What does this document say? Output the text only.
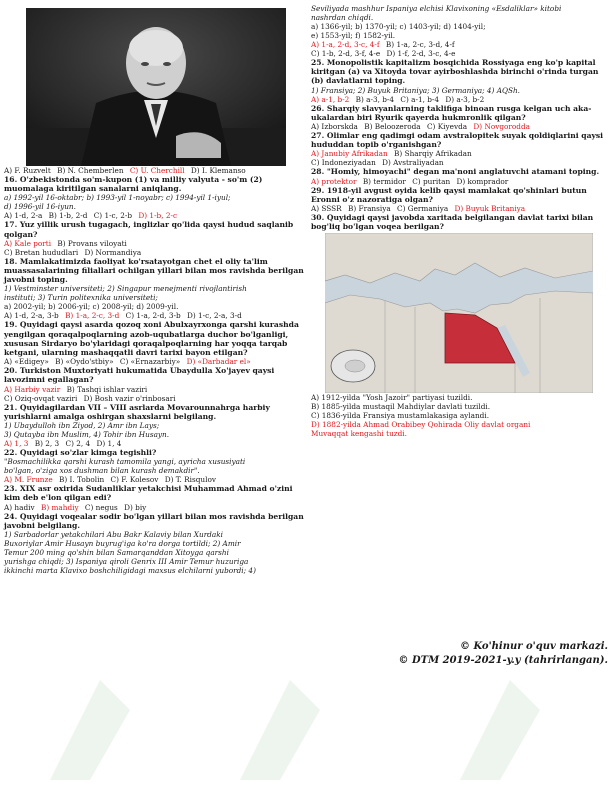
A) F. Ruzvelt B) N. Chemberlen C) U. Cherchill D) I. Klemanso

16. O'zbekistonda so'm-kupon (1) va milliy valyuta - so'm (2) muomalaga kiritilgan sanalarni aniqlang.

a) 1992-yil 16-oktabr; b) 1993-yil 1-noyabr; c) 1994-yil 1-iyul;

d) 1996-yil 16-iyun.

A) 1-d, 2-a B) 1-b, 2-d C) 1-c, 2-b D) 1-b, 2-c

17. Yuz yillik urush tugagach, inglizlar qo'lida qaysi hudud saqlanib qolgan?

A) Kale porti B) Provans viloyati

C) Bretan hududlari D) Normandiya

18. Mamlakatimizda faoliyat ko'rsatayotgan chet el oliy ta'lim muassasalarining filiallari ochilgan yillari bilan mos ravishda berilgan javobni toping.

1) Vestminster universiteti; 2) Singapur menejmenti rivojlantirish

instituti; 3) Turin politexnika universiteti;

a) 2002-yil; b) 2006-yil; c) 2008-yil; d) 2009-yil.

A) 1-d, 2-a, 3-b B) 1-a, 2-c, 3-d C) 1-a, 2-d, 3-b D) 1-c, 2-a, 3-d

19. Quyidagi qaysi asarda qozoq xoni Abulxayrxonga qarshi kurashda yengilgan qoraqalpoqlarning azob-uqubatlarga duchor bo'lganligi, xususan Sirdaryo bo'ylaridagi qoraqalpoqlarning har yoqqa tarqab ketgani, ularning mashaqqatli davri tarixi bayon etilgan?

A) «Edigey» B) «Oydo'stbiy» C) «Ernazarbiy» D) «Darbadar el»

20. Turkiston Muxtoriyati hukumatida Ubaydulla Xo'jayev qaysi lavozimni egallagan?

A) Harbiy vazir B) Tashqi ishlar vaziri

C) Oziq-ovqat vaziri D) Bosh vazir o'rinbosari

21. Quyidagilardan VII – VIII asrlarda Movarounnahrga harbiy yurishlarni amalga oshirgan shaxslarni belgilang.

1) Ubaydulloh ibn Ziyod, 2) Amr ibn Lays;

3) Qutayba ibn Muslim, 4) Tohir ibn Husayn.

A) 1, 3 B) 2, 3 C) 2, 4 D) 1, 4

22. Quyidagi so'zlar kimga tegishli?

"Bosmachilikka qarshi kurash tamomila yangi, ayricha xususiyati

bo'lgan, o'ziga xos dushman bilan kurash demakdir".

A) M. Frunze B) I. Tobolin C) F. Kolesov D) T. Risqulov

23. XIX asr oxirida Sudanliklar yetakchisi Muhammad Ahmad o'zini kim deb e'lon qilgan edi?

A) hadiv B) mahdiy C) negus D) biy

24. Quyidagi voqealar sodir bo'lgan yillari bilan mos ravishda berilgan javobni belgilang.

1) Sarbadorlar yetakchilari Abu Bakr Kalaviy bilan Xurdaki

Buxoriylar Amir Husayn buyrug'iga ko'ra dorga tortildi; 2) Amir

Temur 200 ming qo'shin bilan Samarqanddan Xitoyga qarshi

yurishga chiqdi; 3) Ispaniya qiroli Genrix III Amir Temur huzuriga

ikkinchi marta Klavixo boshchiligidagi maxsus elchilarni yubordi; 4)

Seviliyada mashhur Ispaniya elchisi Klavixoning «Esdaliklar» kitobi

nashrdan chiqdi.

a) 1366-yil; b) 1370-yil; c) 1403-yil; d) 1404-yil;

e) 1553-yil; f) 1582-yil.

A) 1-a, 2-d, 3-c, 4-f B) 1-a, 2-c, 3-d, 4-f

C) 1-b, 2-d, 3-f, 4-e D) 1-f, 2-d, 3-c, 4-e

25. Monopolistik kapitalizm bosqichida Rossiyaga eng ko'p kapital kiritgan (a) va Xitoyda tovar ayirboshlashda birinchi o'rinda turgan (b) davlatlarni toping.

1) Fransiya; 2) Buyuk Britaniya; 3) Germaniya; 4) AQSh.

A) a-1, b-2 B) a-3, b-4 C) a-1, b-4 D) a-3, b-2

26. Sharqiy slavyanlarning taklifiga binoan rusga kelgan uch aka-ukalardan biri Ryurik qayerda hukmronlik qilgan?

A) Izborskda B) Beloozeroda C) Kiyevda D) Novgorodda

27. Olimlar eng qadimgi odam avstralopitek suyak qoldiqlarini qaysi hududdan topib o'rganishgan?

A) Janubiy Afrikadan B) Sharqiy Afrikadan

C) Indoneziyadan D) Avstraliyadan

28. "Homiy, himoyachi" degan ma'noni anglatuvchi atamani toping.

A) protektor B) termidor C) puritan D) komprador

29. 1918-yil avgust oyida kelib qaysi mamlakat qo'shinlari butun Eronni o'z nazoratiga olgan?

A) SSSR B) Fransiya C) Germaniya D) Buyuk Britaniya

30. Quyidagi qaysi javobda xaritada belgilangan davlat tarixi bilan bog'liq bo'lgan voqea berilgan?

A) 1912-yilda "Yosh Jazoir" partiyasi tuzildi.

B) 1885-yilda mustaqil Mahdiylar davlati tuzildi.

C) 1836-yilda Fransiya mustamlakasiga aylandi.

D) 1882-yilda Ahmad Orabibey Qohirada Oliy davlat organi

Muvaqqat kengashi tuzdi.

© Ko'hinur o'quv markazi.
© DTM 2019-2021-y.y (tahrirlangan).
